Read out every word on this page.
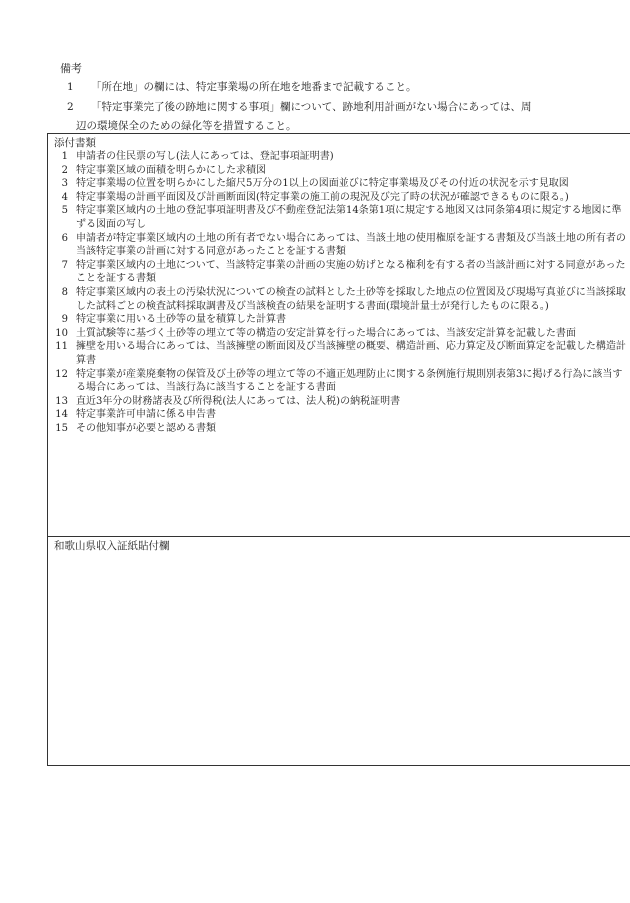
備考
1 「所在地」の欄には、特定事業場の所在地を地番まで記載すること。
2 「特定事業完了後の跡地に関する事項」欄について、跡地利用計画がない場合にあっては、周
辺の環境保全のための緑化等を措置すること。
添付書類
1 申請者の住民票の写し(法人にあっては、登記事項証明書)
2 特定事業区域の面積を明らかにした求積図
3 特定事業場の位置を明らかにした縮尺5万分の1以上の図面並びに特定事業場及びその付近の状況を示す見取図
4 特定事業場の計画平面図及び計画断面図(特定事業の施工前の現況及び完了時の状況が確認できるものに限る。)
5 特定事業区域内の土地の登記事項証明書及び不動産登記法第14条第1項に規定する地図又は同条第4項に規定する地図に準ずる図面の写し
6 申請者が特定事業区域内の土地の所有者でない場合にあっては、当該土地の使用権原を証する書類及び当該土地の所有者の当該特定事業の計画に対する同意があったことを証する書類
7 特定事業区域内の土地について、当該特定事業の計画の実施の妨げとなる権利を有する者の当該計画に対する同意があったことを証する書類
8 特定事業区域内の表土の汚染状況についての検査の試料とした土砂等を採取した地点の位置図及び現場写真並びに当該採取した試料ごとの検査試料採取調書及び当該検査の結果を証明する書面(環境計量士が発行したものに限る。)
9 特定事業に用いる土砂等の量を積算した計算書
10 土質試験等に基づく土砂等の埋立て等の構造の安定計算を行った場合にあっては、当該安定計算を記載した書面
11 擁壁を用いる場合にあっては、当該擁壁の断面図及び当該擁壁の概要、構造計画、応力算定及び断面算定を記載した構造計算書
12 特定事業が産業廃棄物の保管及び土砂等の埋立て等の不適正処理防止に関する条例施行規則別表第3に掲げる行為に該当する場合にあっては、当該行為に該当することを証する書面
13 直近3年分の財務諸表及び所得税(法人にあっては、法人税)の納税証明書
14 特定事業許可申請に係る申告書
15 その他知事が必要と認める書類
和歌山県収入証紙貼付欄
